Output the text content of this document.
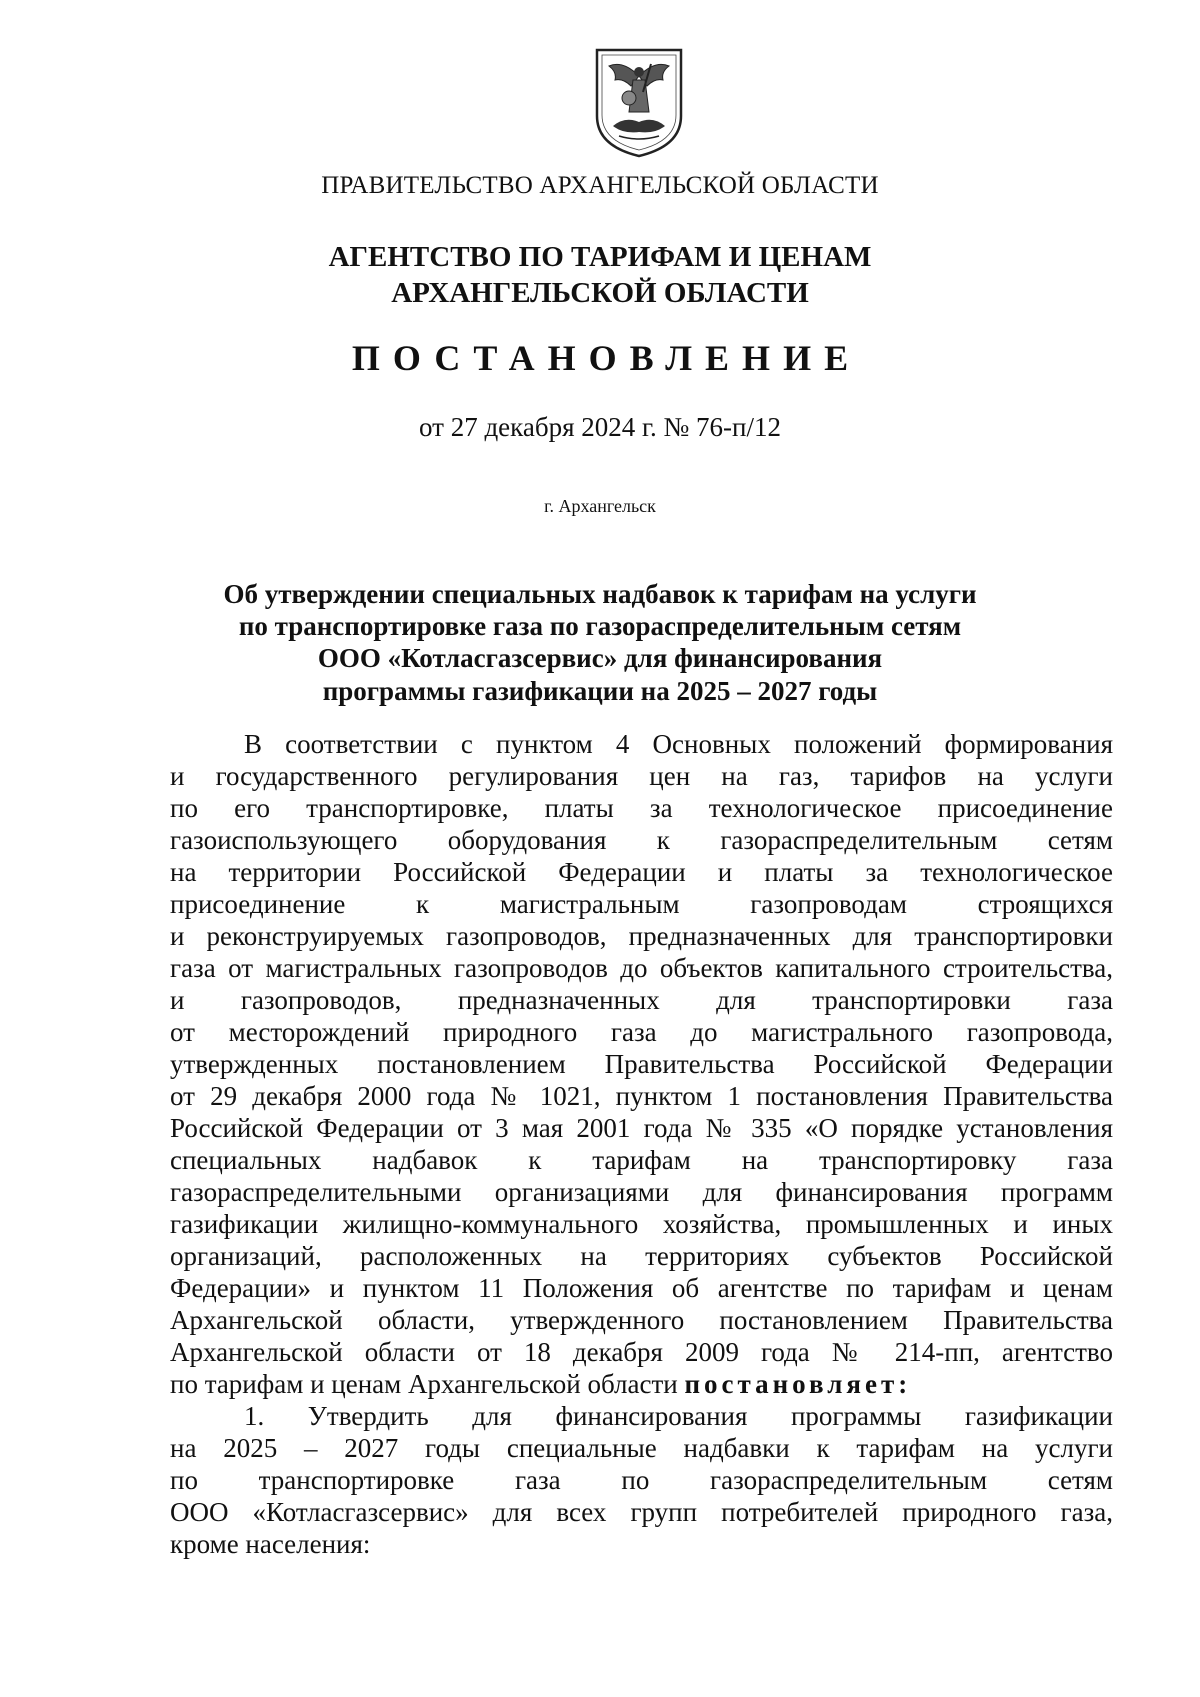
ПРАВИТЕЛЬСТВО АРХАНГЕЛЬСКОЙ ОБЛАСТИ
АГЕНТСТВО ПО ТАРИФАМ И ЦЕНАМ
АРХАНГЕЛЬСКОЙ ОБЛАСТИ
ПОСТАНОВЛЕНИЕ
от 27 декабря 2024 г. № 76-п/12
г. Архангельск
Об утверждении специальных надбавок к тарифам на услуги
по транспортировке газа по газораспределительным сетям
ООО «Котласгазсервис» для финансирования
программы газификации на 2025 – 2027 годы
В соответствии с пунктом 4 Основных положений формирования
и государственного регулирования цен на газ, тарифов на услуги
по его транспортировке, платы за технологическое присоединение
газоиспользующего оборудования к газораспределительным сетям
на территории Российской Федерации и платы за технологическое
присоединение к магистральным газопроводам строящихся
и реконструируемых газопроводов, предназначенных для транспортировки
газа от магистральных газопроводов до объектов капитального строительства,
и газопроводов, предназначенных для транспортировки газа
от месторождений природного газа до магистрального газопровода,
утвержденных постановлением Правительства Российской Федерации
от 29 декабря 2000 года № 1021, пунктом 1 постановления Правительства
Российской Федерации от 3 мая 2001 года № 335 «О порядке установления
специальных надбавок к тарифам на транспортировку газа
газораспределительными организациями для финансирования программ
газификации жилищно-коммунального хозяйства, промышленных и иных
организаций, расположенных на территориях субъектов Российской
Федерации» и пунктом 11 Положения об агентстве по тарифам и ценам
Архангельской области, утвержденного постановлением Правительства
Архангельской области от 18 декабря 2009 года № 214-пп, агентство
по тарифам и ценам Архангельской области постановляет:
1. Утвердить для финансирования программы газификации
на 2025 – 2027 годы специальные надбавки к тарифам на услуги
по транспортировке газа по газораспределительным сетям
ООО «Котласгазсервис» для всех групп потребителей природного газа,
кроме населения:
